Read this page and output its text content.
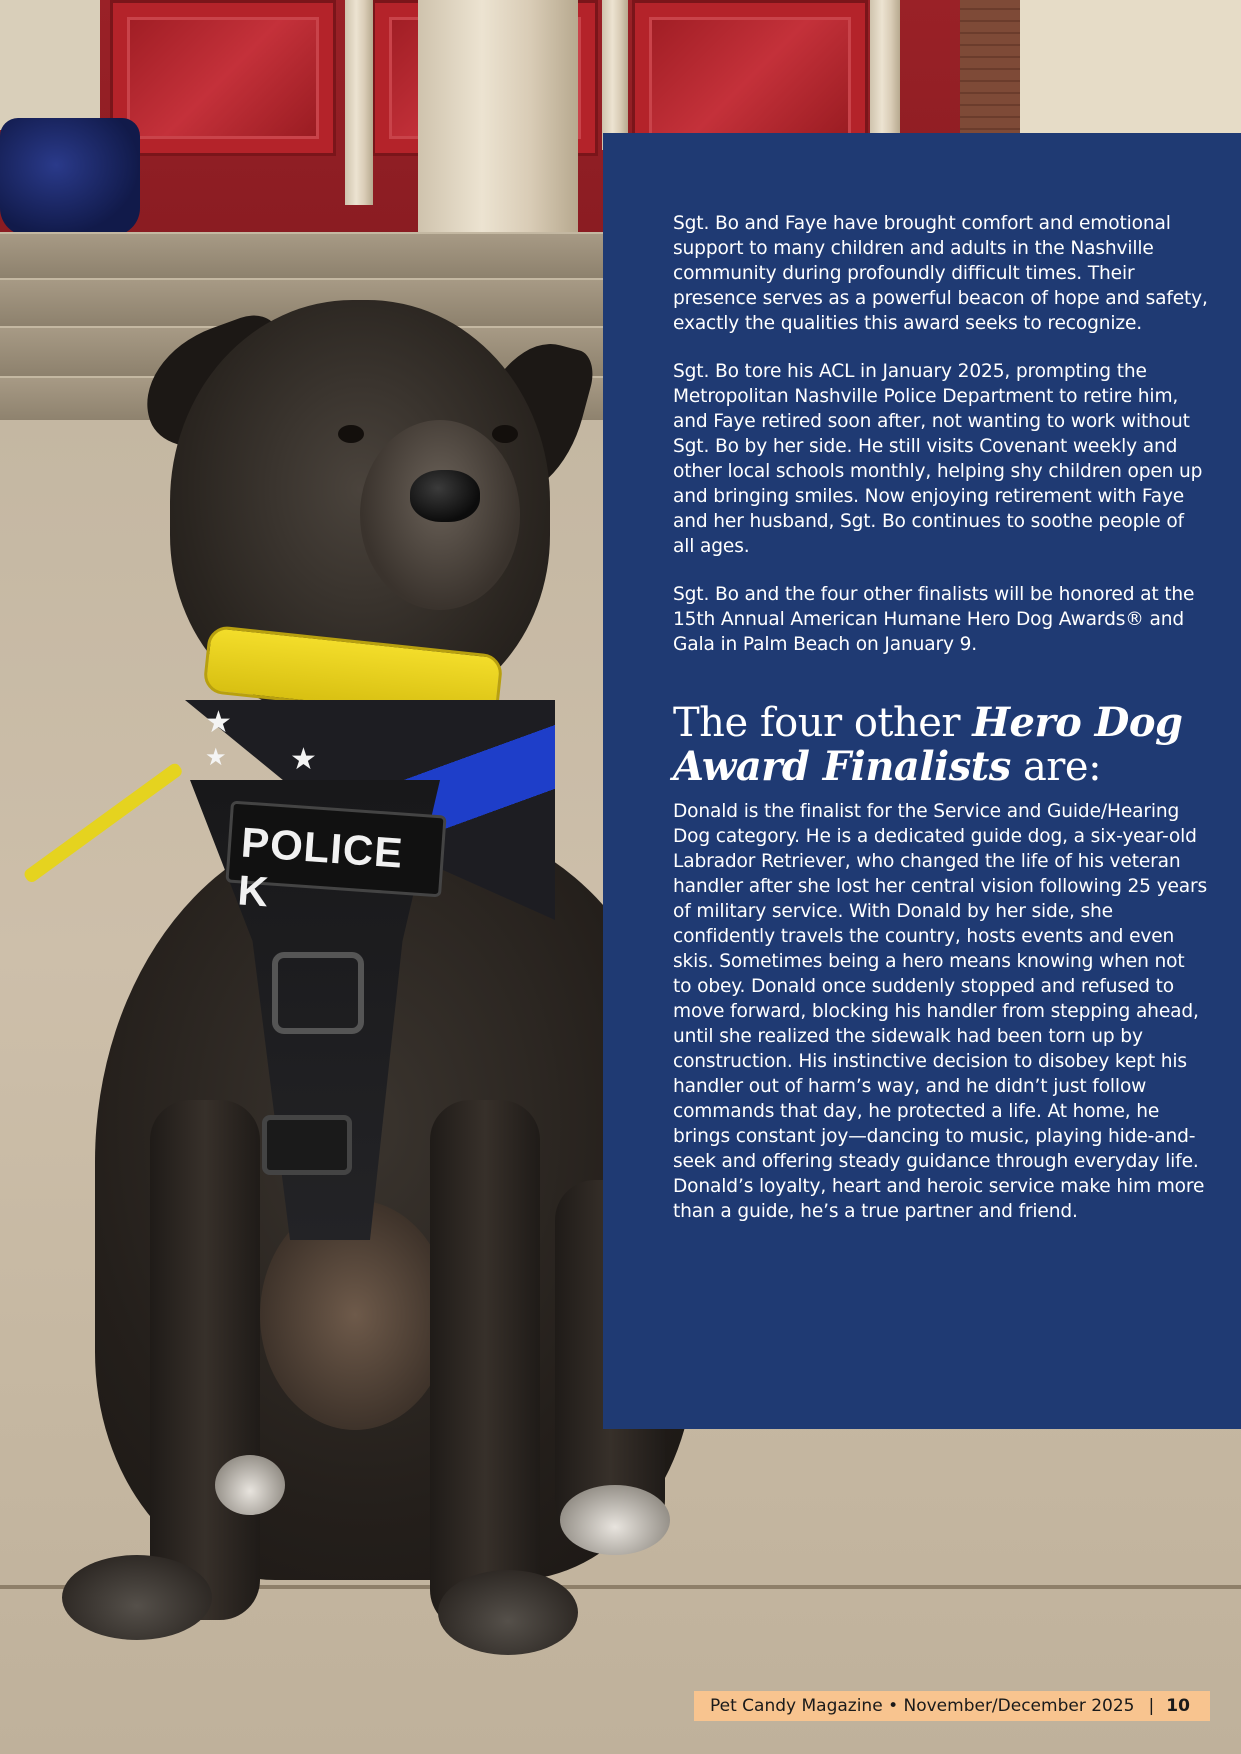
★
★
★
POLICE K

Sgt. Bo and Faye have brought comfort and emotional support to many children and adults in the Nashville community during profoundly difficult times. Their presence serves as a powerful beacon of hope and safety, exactly the qualities this award seeks to recognize.

Sgt. Bo tore his ACL in January 2025, prompting the Metropolitan Nashville Police Department to retire him, and Faye retired soon after, not wanting to work without Sgt. Bo by her side. He still visits Covenant weekly and other local schools monthly, helping shy children open up and bringing smiles. Now enjoying retirement with Faye and her husband, Sgt. Bo continues to soothe people of all ages.

Sgt. Bo and the four other finalists will be honored at the 15th Annual American Humane Hero Dog Awards® and Gala in Palm Beach on January 9.

The four other Hero Dog Award Finalists are:

Donald is the finalist for the Service and Guide/Hearing Dog category. He is a dedicated guide dog, a six-year-old Labrador Retriever, who changed the life of his veteran handler after she lost her central vision following 25 years of military service. With Donald by her side, she confidently travels the country, hosts events and even skis. Sometimes being a hero means knowing when not to obey. Donald once suddenly stopped and refused to move forward, blocking his handler from stepping ahead, until she realized the sidewalk had been torn up by construction. His instinctive decision to disobey kept his handler out of harm’s way, and he didn’t just follow commands that day, he protected a life. At home, he brings constant joy—dancing to music, playing hide-and-seek and offering steady guidance through everyday life. Donald’s loyalty, heart and heroic service make him more than a guide, he’s a true partner and friend.

Pet Candy Magazine • November/December 2025 | 10
